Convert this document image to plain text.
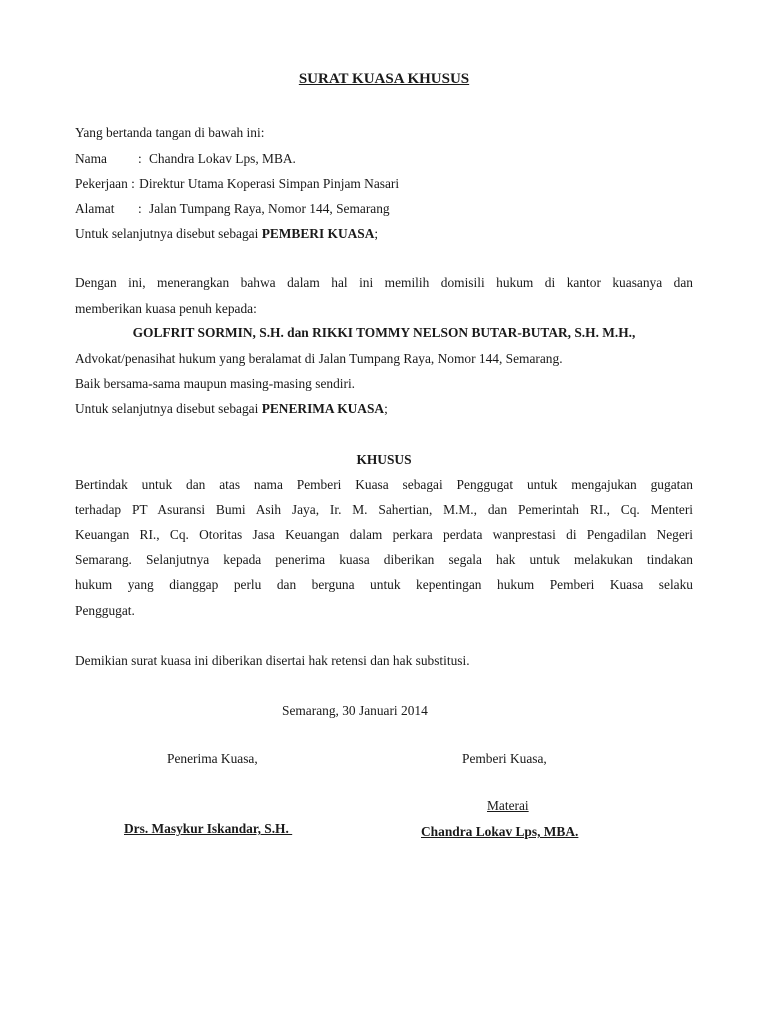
SURAT KUASA KHUSUS
Yang bertanda tangan di bawah ini:
Nama : Chandra Lokav Lps, MBA.
Pekerjaan : Direktur Utama Koperasi Simpan Pinjam Nasari
Alamat : Jalan Tumpang Raya, Nomor 144, Semarang
Untuk selanjutnya disebut sebagai PEMBERI KUASA;
Dengan ini, menerangkan bahwa dalam hal ini memilih domisili hukum di kantor kuasanya dan
memberikan kuasa penuh kepada:
GOLFRIT SORMIN, S.H. dan RIKKI TOMMY NELSON BUTAR-BUTAR, S.H. M.H.,
Advokat/penasihat hukum yang beralamat di Jalan Tumpang Raya, Nomor 144, Semarang.
Baik bersama-sama maupun masing-masing sendiri.
Untuk selanjutnya disebut sebagai PENERIMA KUASA;
KHUSUS
Bertindak untuk dan atas nama Pemberi Kuasa sebagai Penggugat untuk mengajukan gugatan
terhadap PT Asuransi Bumi Asih Jaya, Ir. M. Sahertian, M.M., dan Pemerintah RI., Cq. Menteri
Keuangan RI., Cq. Otoritas Jasa Keuangan dalam perkara perdata wanprestasi di Pengadilan Negeri
Semarang. Selanjutnya kepada penerima kuasa diberikan segala hak untuk melakukan tindakan
hukum yang dianggap perlu dan berguna untuk kepentingan hukum Pemberi Kuasa selaku
Penggugat.
Demikian surat kuasa ini diberikan disertai hak retensi dan hak substitusi.
Semarang, 30 Januari 2014
Penerima Kuasa,	Pemberi Kuasa,
Materai
Drs. Masykur Iskandar, S.H.	Chandra Lokav Lps, MBA.
